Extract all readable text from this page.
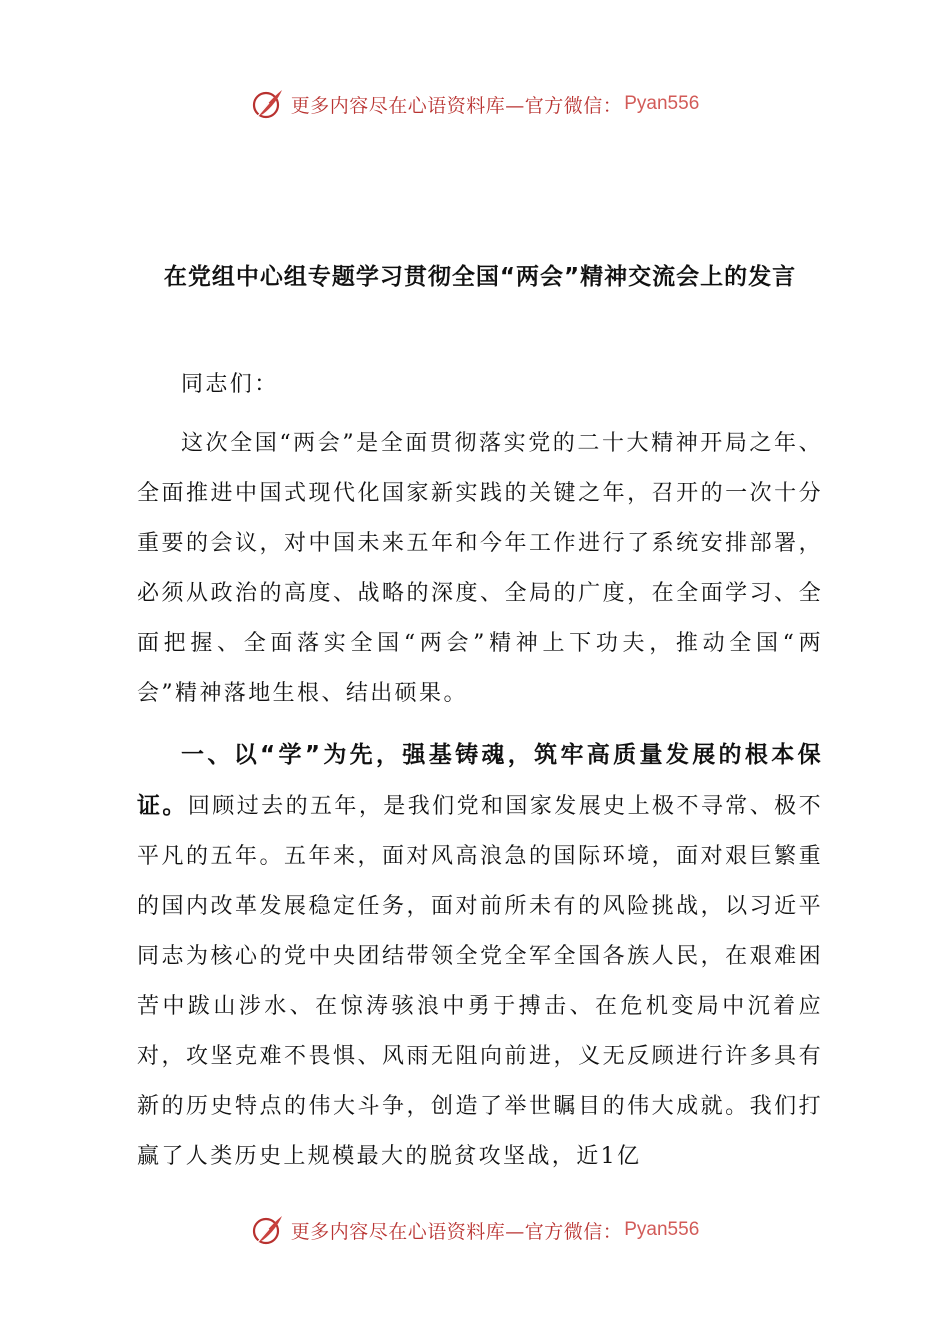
更多内容尽在心语资料库—官方微信： Pyan556
在党组中心组专题学习贯彻全国“两会”精神交流会上的发言

同志们：

这次全国“两会”是全面贯彻落实党的二十大精神开局之年、全面推进中国式现代化国家新实践的关键之年，召开的一次十分重要的会议，对中国未来五年和今年工作进行了系统安排部署，必须从政治的高度、战略的深度、全局的广度，在全面学习、全面把握、全面落实全国“两会”精神上下功夫，推动全国“两会”精神落地生根、结出硕果。

一、以“学”为先，强基铸魂，筑牢高质量发展的根本保证。回顾过去的五年，是我们党和国家发展史上极不寻常、极不平凡的五年。五年来，面对风高浪急的国际环境，面对艰巨繁重的国内改革发展稳定任务，面对前所未有的风险挑战，以习近平同志为核心的党中央团结带领全党全军全国各族人民，在艰难困苦中跋山涉水、在惊涛骇浪中勇于搏击、在危机变局中沉着应对，攻坚克难不畏惧、风雨无阻向前进，义无反顾进行许多具有新的历史特点的伟大斗争，创造了举世瞩目的伟大成就。我们打赢了人类历史上规模最大的脱贫攻坚战，近1亿

更多内容尽在心语资料库—官方微信： Pyan556
